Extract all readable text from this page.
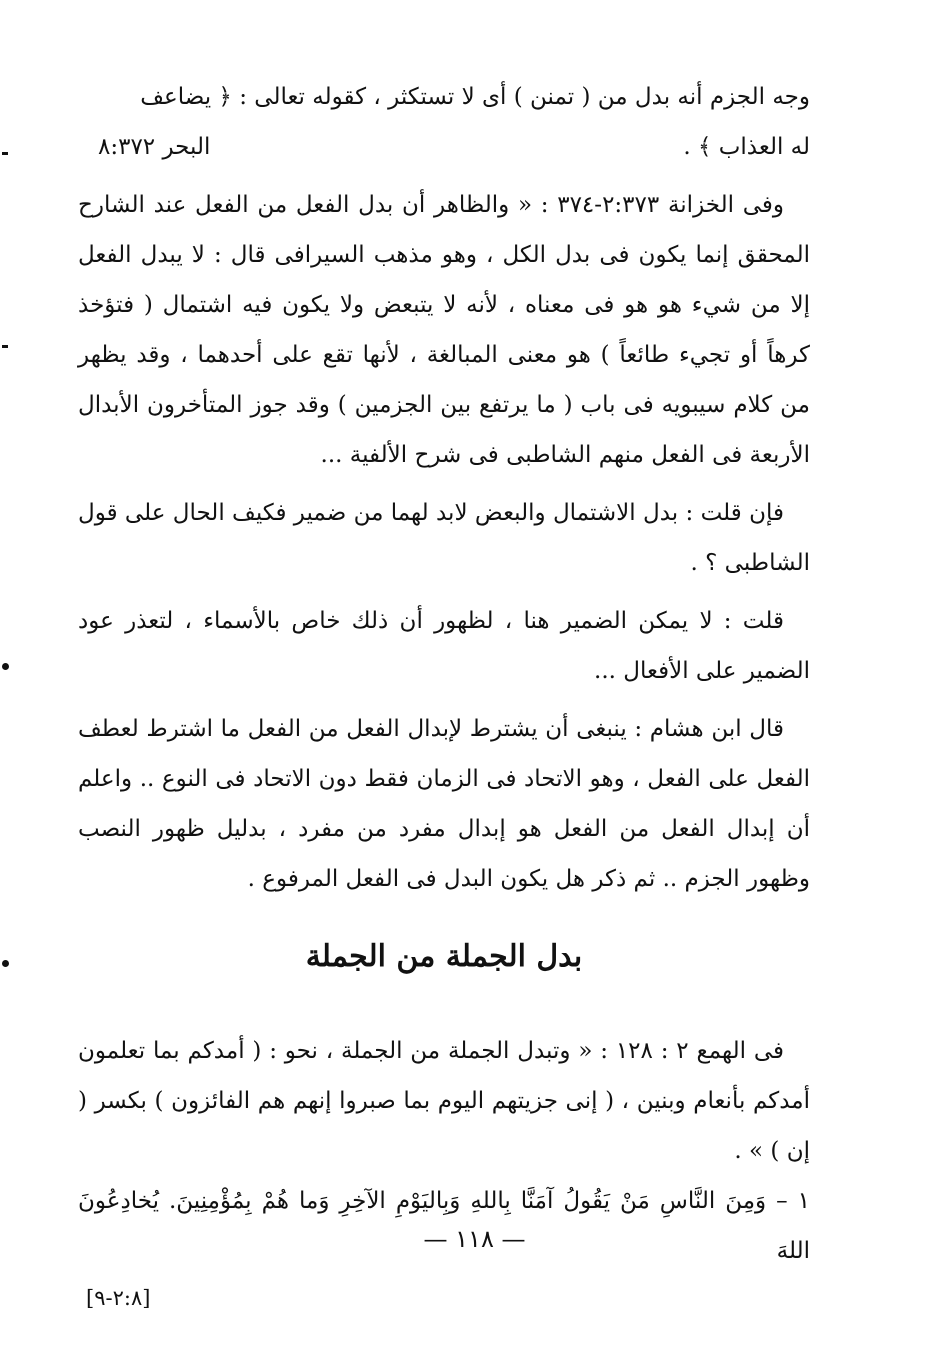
وجه الجزم أنه بدل من ( تمنن ) أى لا تستكثر ، كقوله تعالى : ﴿ يضاعف
له العذاب ﴾ .
البحر ٨:٣٧٢

وفى الخزانة ٢:٣٧٣-٣٧٤ : « والظاهر أن بدل الفعل من الفعل عند الشارح المحقق إنما يكون فى بدل الكل ، وهو مذهب السيرافى قال : لا يبدل الفعل إلا من شيء هو هو فى معناه ، لأنه لا يتبعض ولا يكون فيه اشتمال ( فتؤخذ كرهاً أو تجيء طائعاً ) هو معنى المبالغة ، لأنها تقع على أحدهما ، وقد يظهر من كلام سيبويه فى باب ( ما يرتفع بين الجزمين ) وقد جوز المتأخرون الأبدال الأربعة فى الفعل منهم الشاطبى فى شرح الألفية ...

فإن قلت : بدل الاشتمال والبعض لابد لهما من ضمير فكيف الحال على قول الشاطبى ؟ .

قلت : لا يمكن الضمير هنا ، لظهور أن ذلك خاص بالأسماء ، لتعذر عود الضمير على الأفعال ...

قال ابن هشام : ينبغى أن يشترط لإبدال الفعل من الفعل ما اشترط لعطف الفعل على الفعل ، وهو الاتحاد فى الزمان فقط دون الاتحاد فى النوع .. واعلم أن إبدال الفعل من الفعل هو إبدال مفرد من مفرد ، بدليل ظهور النصب وظهور الجزم .. ثم ذكر هل يكون البدل فى الفعل المرفوع .

بدل الجملة من الجملة

فى الهمع ٢ : ١٢٨ : « وتبدل الجملة من الجملة ، نحو : ( أمدكم بما تعلمون أمدكم بأنعام وبنين ، ( إنى جزيتهم اليوم بما صبروا إنهم هم الفائزون ) بكسر ( إن ) » .

١ – وَمِنَ النَّاسِ مَنْ يَقُولُ آمَنَّا بِاللهِ وَبِاليَوْمِ الآخِرِ وَما هُمْ بِمُؤْمِنِينَ. يُخادِعُونَ اللهَ

[٢:٨-٩]
— ١١٨ —
